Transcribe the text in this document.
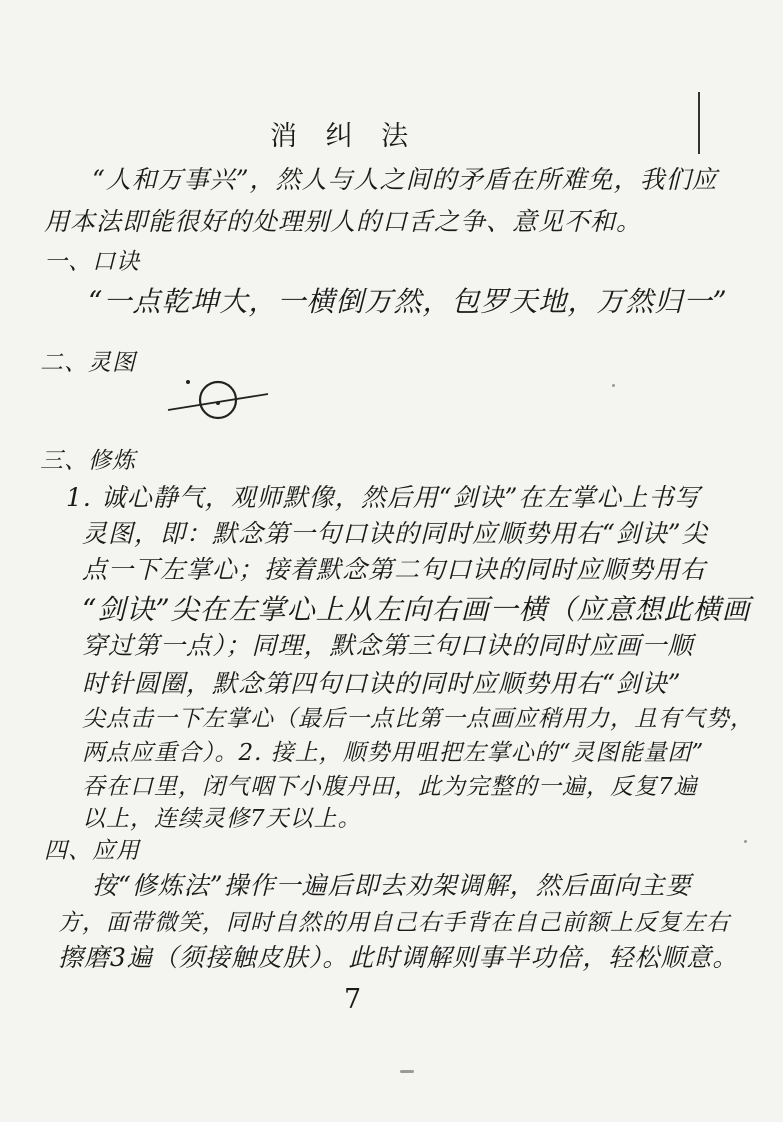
消 纠 法
“人和万事兴”，然人与人之间的矛盾在所难免，我们应
用本法即能很好的处理别人的口舌之争、意见不和。
一、口诀
“一点乾坤大，一横倒万然，包罗天地，万然归一”
二、灵图
三、修炼
1. 诚心静气，观师默像，然后用“剑诀”在左掌心上书写
灵图，即：默念第一句口诀的同时应顺势用右“剑诀”尖
点一下左掌心；接着默念第二句口诀的同时应顺势用右
“剑诀”尖在左掌心上从左向右画一横（应意想此横画
穿过第一点）；同理，默念第三句口诀的同时应画一顺
时针圆圈，默念第四句口诀的同时应顺势用右“剑诀”
尖点击一下左掌心（最后一点比第一点画应稍用力，且有气势，
两点应重合）。2. 接上，顺势用咀把左掌心的“灵图能量团”
吞在口里，闭气咽下小腹丹田，此为完整的一遍，反复7遍
以上，连续灵修7天以上。
四、应用
按“修炼法”操作一遍后即去劝架调解，然后面向主要
方，面带微笑，同时自然的用自己右手背在自己前额上反复左右
擦磨3遍（须接触皮肤）。此时调解则事半功倍，轻松顺意。
7
